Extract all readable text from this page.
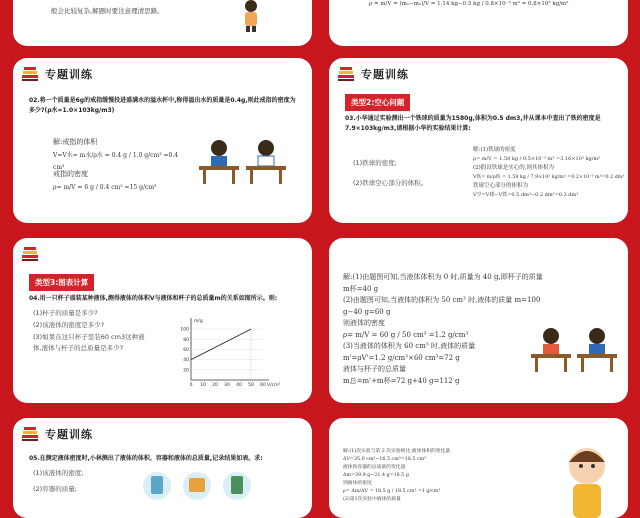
般会比较复杂,解题时要注意理清思路。
ρ = m/V = (m₁−m₂)/V = 1.14 kg−0.5 kg / 0.8×10⁻³ m³ = 0.8×10³ kg/m³
专题训练
02.将一个质量是6g的戒指缓慢投进盛满水的溢水杯中,称得溢出水的质量是0.4g,则此戒指的密度为多少?(ρ水=1.0×103kg/m3)
解:戒指的体积
V=V水= m水/ρ水 = 0.4 g / 1.0 g/cm³ =0.4 cm³
戒指的密度
ρ= m/V = 6 g / 0.4 cm³ =15 g/cm³
专题训练
类型2:空心问题
03.小华通过实验测出一个铁球的质量为1580g,体积为0.5 dm3,并从课本中查出了铁的密度是7.9×103kg/m3,请根据小华的实验结果计算:
(1)铁球的密度;
(2)铁球空心部分的体积。
解:(1)铁球的密度
ρ= m/V = 1.58 kg / 0.5×10⁻³ m³ =3.16×10³ kg/m³
(2)假设铁球是实心的,则其体积为
V铁= m/ρ铁 = 1.58 kg / 7.9×10³ kg/m³ =0.2×10⁻³ m³=0.2 dm³
铁球空心部分的体积为
V空=V球−V铁=0.5 dm³−0.2 dm³=0.3 dm³
类型3:图表计算
04.用一只杯子盛装某种液体,测得液体的体积V与液体和杯子的总质量m的关系如图所示。则:
(1)杯子的质量是多少?
(2)该液体的密度是多少?
(3)如果在这只杯子里装60 cm3这种液体,液体与杯子的总质量是多少?
20
40
60
80
100
0 10 20 30 40 50 60
m/g
V/cm³
解:(1)由题图可知,当液体体积为 0 时,质量为 40 g,即杯子的质量
m杯=40 g
(2)由题图可知,当液体的体积为 50 cm³ 时,液体的质量 m=100
g−40 g=60 g
则液体的密度
ρ= m/V = 60 g / 50 cm³ =1.2 g/cm³
(3)当液体的体积为 60 cm³ 时,液体的质量
m'=ρV'=1.2 g/cm³×60 cm³=72 g
液体与杯子的总质量
m总=m'+m杯=72 g+40 g=112 g
专题训练
05.在测定液体密度时,小林测出了液体的体积、容器和液体的总质量,记录结果如表。求:
(1)该液体的密度;
(2)容器的质量;
解:(1)次实验与第 2 次实验相比,液体体积的变化量
ΔV=35.0 cm³−16.5 cm³=18.5 cm³
液体和容器的总质量的变化量
Δm=39.9 g−21.4 g=18.5 g
则液体的密度
ρ= Δm/ΔV = 18.5 g / 18.5 cm³ =1 g/cm³
(2)第1次实验中液体的质量
